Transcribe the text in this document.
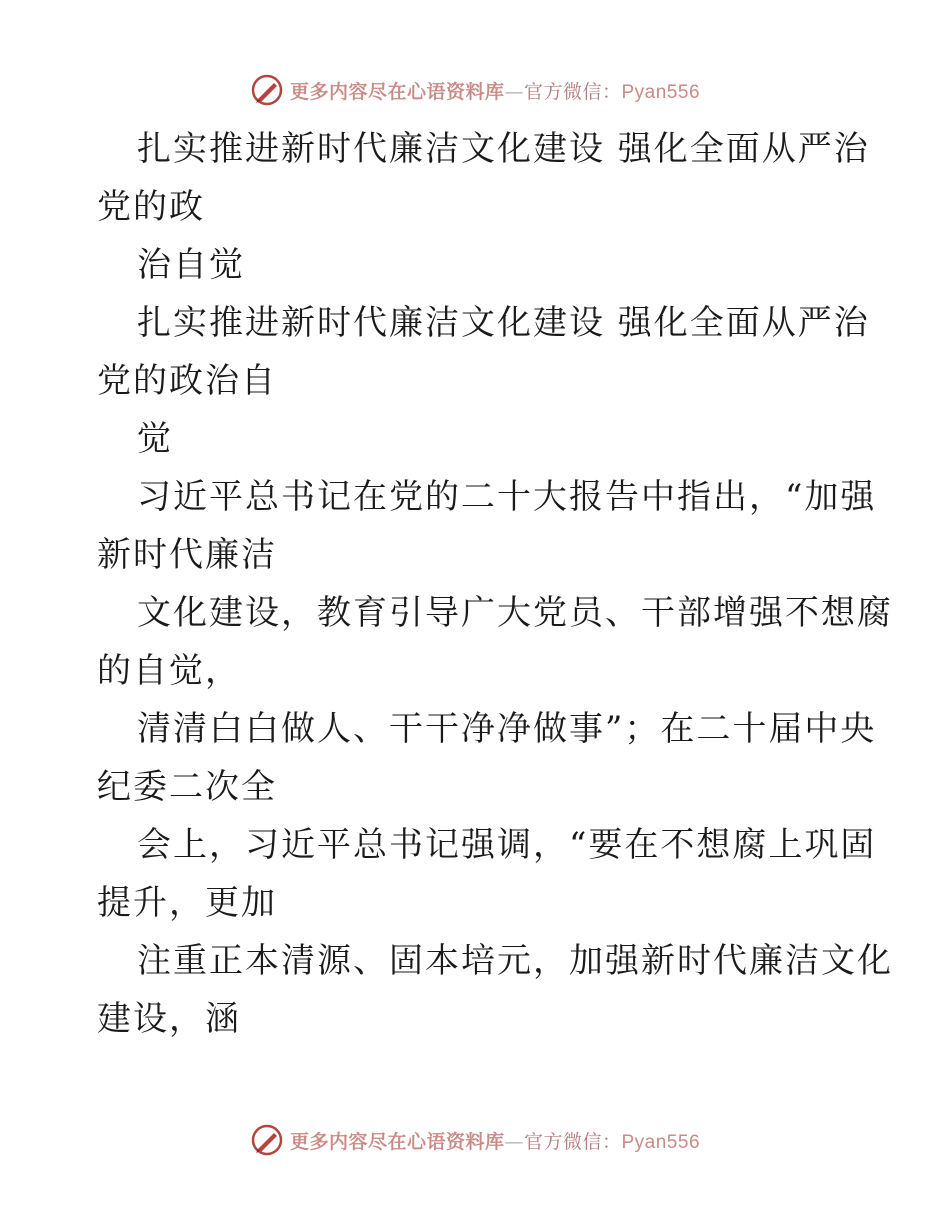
更多内容尽在心语资料库—官方微信：Pyan556
扎实推进新时代廉洁文化建设 强化全面从严治
党的政
治自觉
扎实推进新时代廉洁文化建设 强化全面从严治
党的政治自
觉
习近平总书记在党的二十大报告中指出，“加强
新时代廉洁
文化建设，教育引导广大党员、干部增强不想腐
的自觉，
清清白白做人、干干净净做事”；在二十届中央
纪委二次全
会上，习近平总书记强调，“要在不想腐上巩固
提升，更加
注重正本清源、固本培元，加强新时代廉洁文化
建设，涵
更多内容尽在心语资料库—官方微信：Pyan556
